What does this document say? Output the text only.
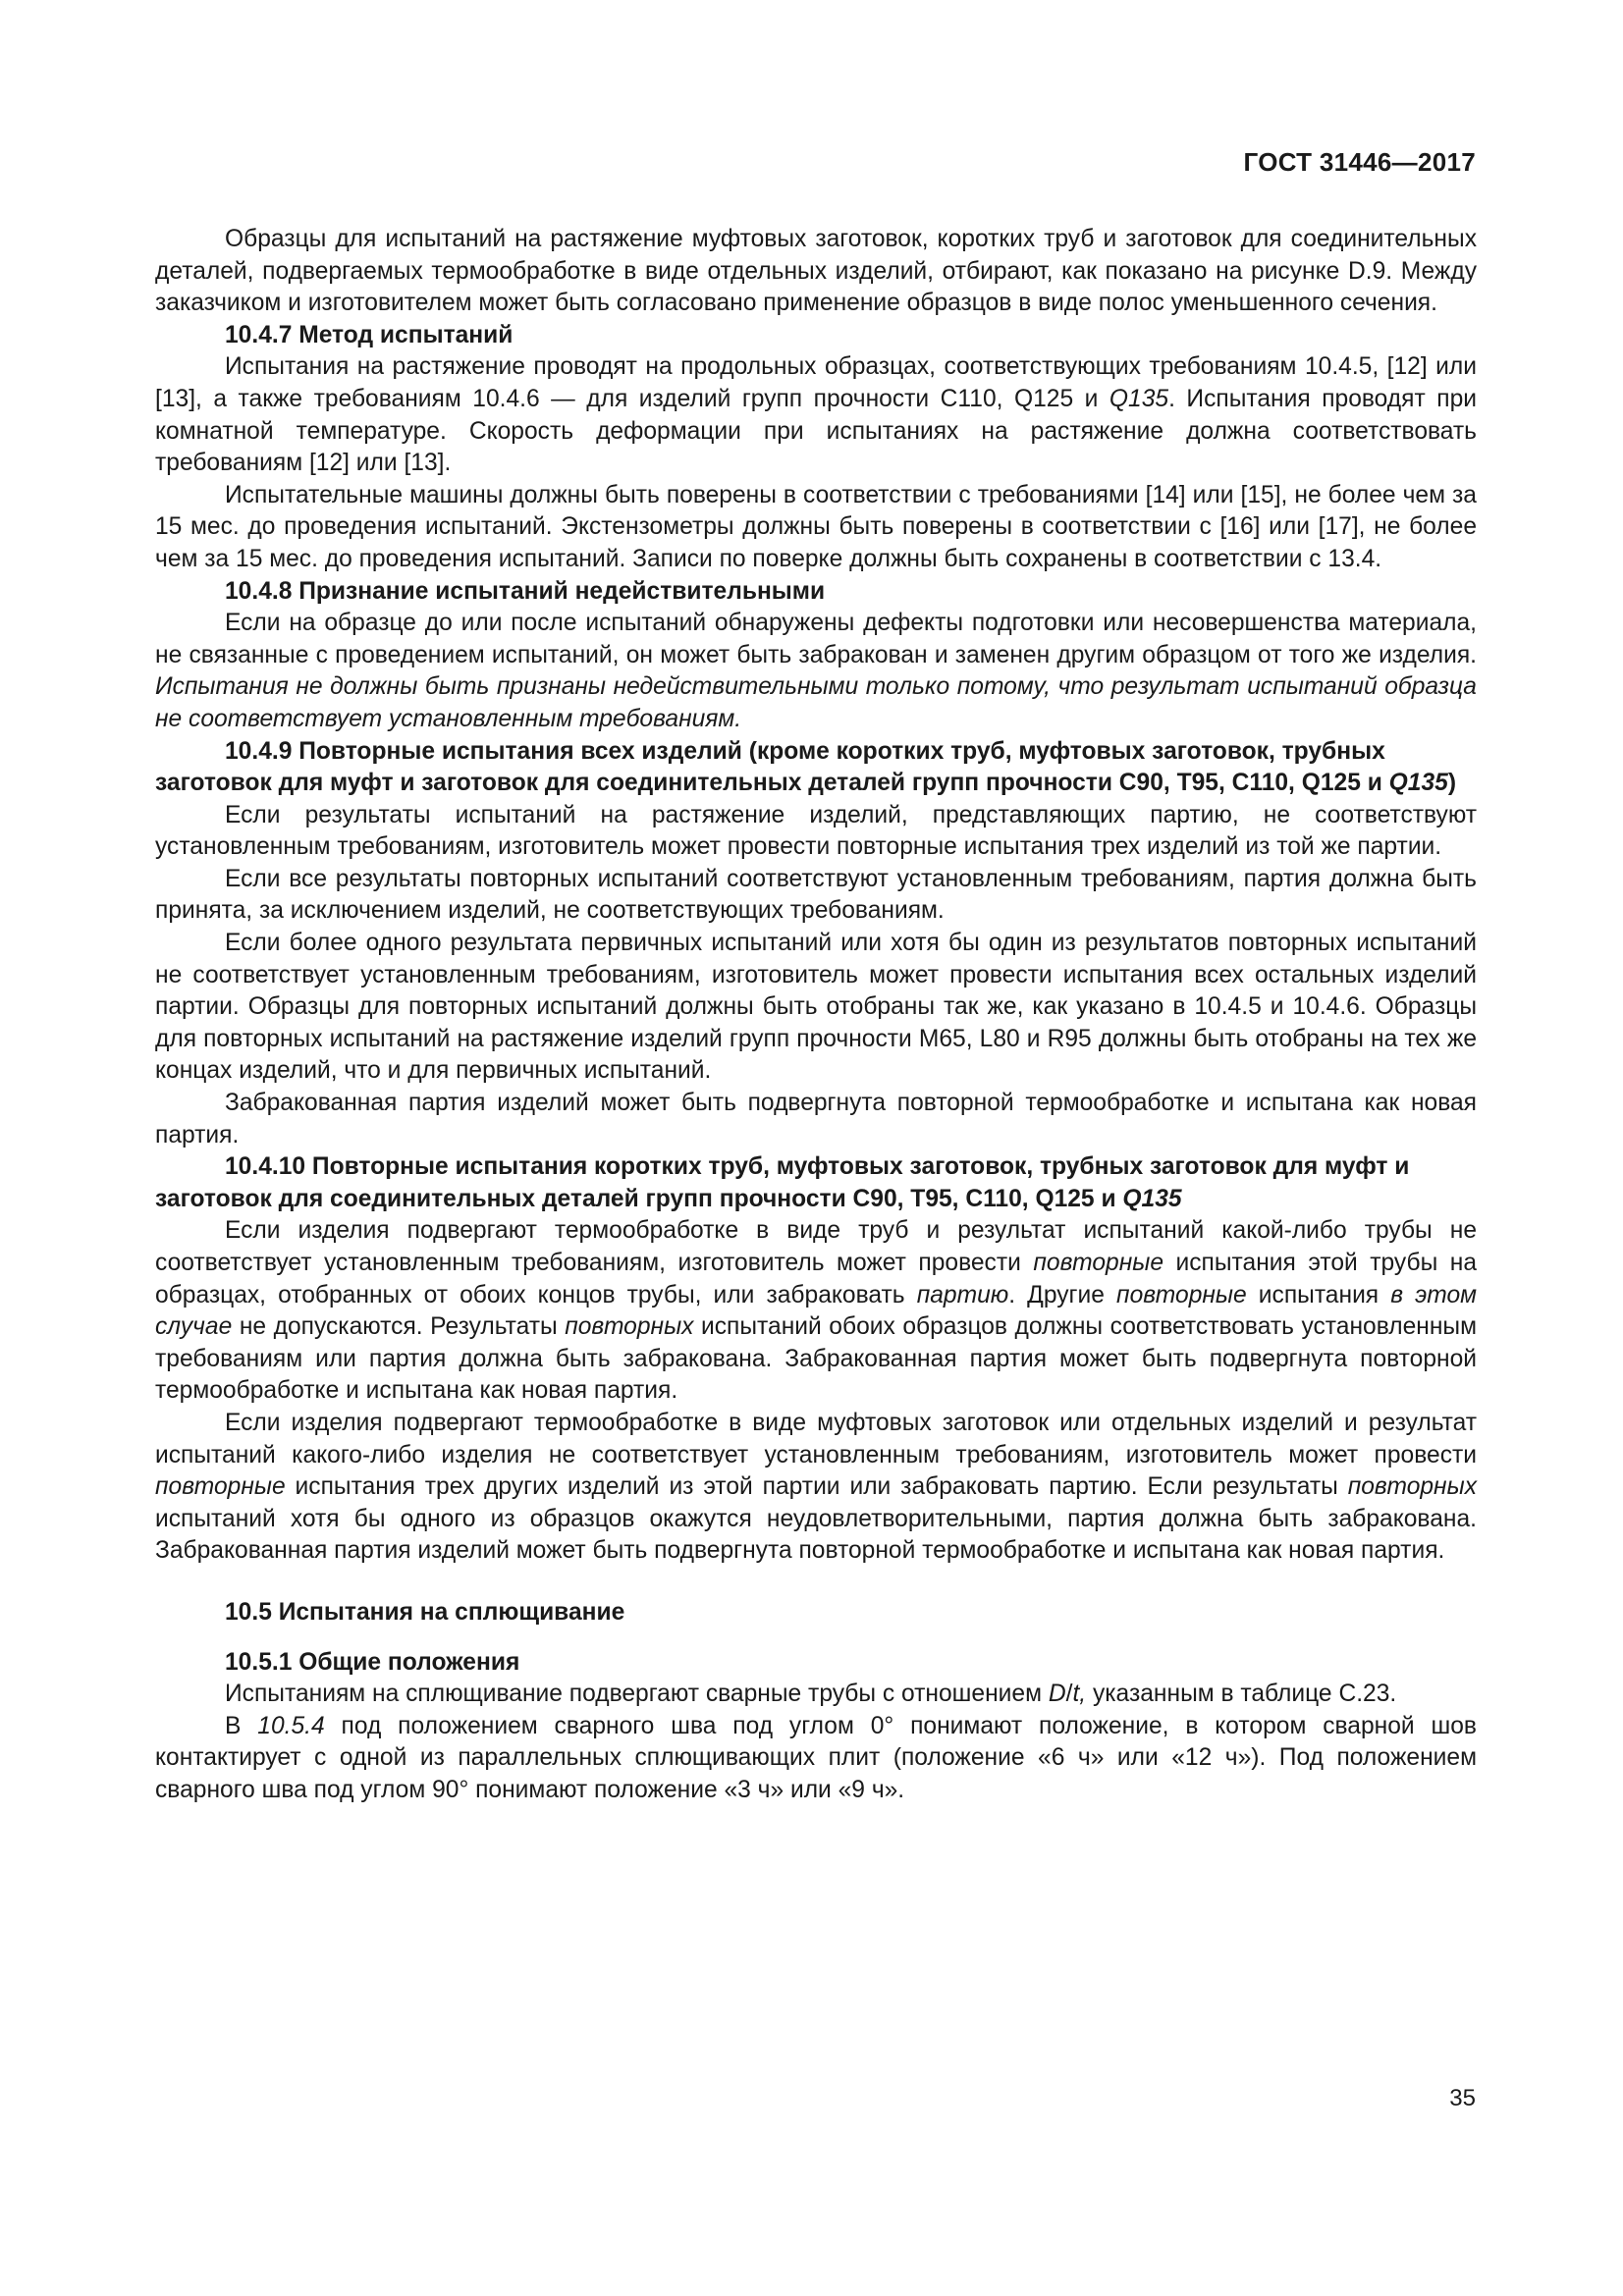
ГОСТ 31446—2017

Образцы для испытаний на растяжение муфтовых заготовок, коротких труб и заготовок для соединительных деталей, подвергаемых термообработке в виде отдельных изделий, отбирают, как показано на рисунке D.9. Между заказчиком и изготовителем может быть согласовано применение образцов в виде полос уменьшенного сечения.

10.4.7 Метод испытаний

Испытания на растяжение проводят на продольных образцах, соответствующих требованиям 10.4.5, [12] или [13], а также требованиям 10.4.6 — для изделий групп прочности С110, Q125 и Q135. Испытания проводят при комнатной температуре. Скорость деформации при испытаниях на растяжение должна соответствовать требованиям [12] или [13].

Испытательные машины должны быть поверены в соответствии с требованиями [14] или [15], не более чем за 15 мес. до проведения испытаний. Экстензометры должны быть поверены в соответствии с [16] или [17], не более чем за 15 мес. до проведения испытаний. Записи по поверке должны быть сохранены в соответствии с 13.4.

10.4.8 Признание испытаний недействительными

Если на образце до или после испытаний обнаружены дефекты подготовки или несовершенства материала, не связанные с проведением испытаний, он может быть забракован и заменен другим образцом от того же изделия. Испытания не должны быть признаны недействительными только потому, что результат испытаний образца не соответствует установленным требованиям.

10.4.9 Повторные испытания всех изделий (кроме коротких труб, муфтовых заготовок, трубных заготовок для муфт и заготовок для соединительных деталей групп прочности С90, Т95, С110, Q125 и Q135)

Если результаты испытаний на растяжение изделий, представляющих партию, не соответствуют установленным требованиям, изготовитель может провести повторные испытания трех изделий из той же партии.

Если все результаты повторных испытаний соответствуют установленным требованиям, партия должна быть принята, за исключением изделий, не соответствующих требованиям.

Если более одного результата первичных испытаний или хотя бы один из результатов повторных испытаний не соответствует установленным требованиям, изготовитель может провести испытания всех остальных изделий партии. Образцы для повторных испытаний должны быть отобраны так же, как указано в 10.4.5 и 10.4.6. Образцы для повторных испытаний на растяжение изделий групп прочности М65, L80 и R95 должны быть отобраны на тех же концах изделий, что и для первичных испытаний.

Забракованная партия изделий может быть подвергнута повторной термообработке и испытана как новая партия.

10.4.10 Повторные испытания коротких труб, муфтовых заготовок, трубных заготовок для муфт и заготовок для соединительных деталей групп прочности С90, Т95, С110, Q125 и Q135

Если изделия подвергают термообработке в виде труб и результат испытаний какой-либо трубы не соответствует установленным требованиям, изготовитель может провести повторные испытания этой трубы на образцах, отобранных от обоих концов трубы, или забраковать партию. Другие повторные испытания в этом случае не допускаются. Результаты повторных испытаний обоих образцов должны соответствовать установленным требованиям или партия должна быть забракована. Забракованная партия может быть подвергнута повторной термообработке и испытана как новая партия.

Если изделия подвергают термообработке в виде муфтовых заготовок или отдельных изделий и результат испытаний какого-либо изделия не соответствует установленным требованиям, изготовитель может провести повторные испытания трех других изделий из этой партии или забраковать партию. Если результаты повторных испытаний хотя бы одного из образцов окажутся неудовлетворительными, партия должна быть забракована. Забракованная партия изделий может быть подвергнута повторной термообработке и испытана как новая партия.

10.5 Испытания на сплющивание

10.5.1 Общие положения

Испытаниям на сплющивание подвергают сварные трубы с отношением D/t, указанным в таблице С.23.

В 10.5.4 под положением сварного шва под углом 0° понимают положение, в котором сварной шов контактирует с одной из параллельных сплющивающих плит (положение «6 ч» или «12 ч»). Под положением сварного шва под углом 90° понимают положение «3 ч» или «9 ч».

35
